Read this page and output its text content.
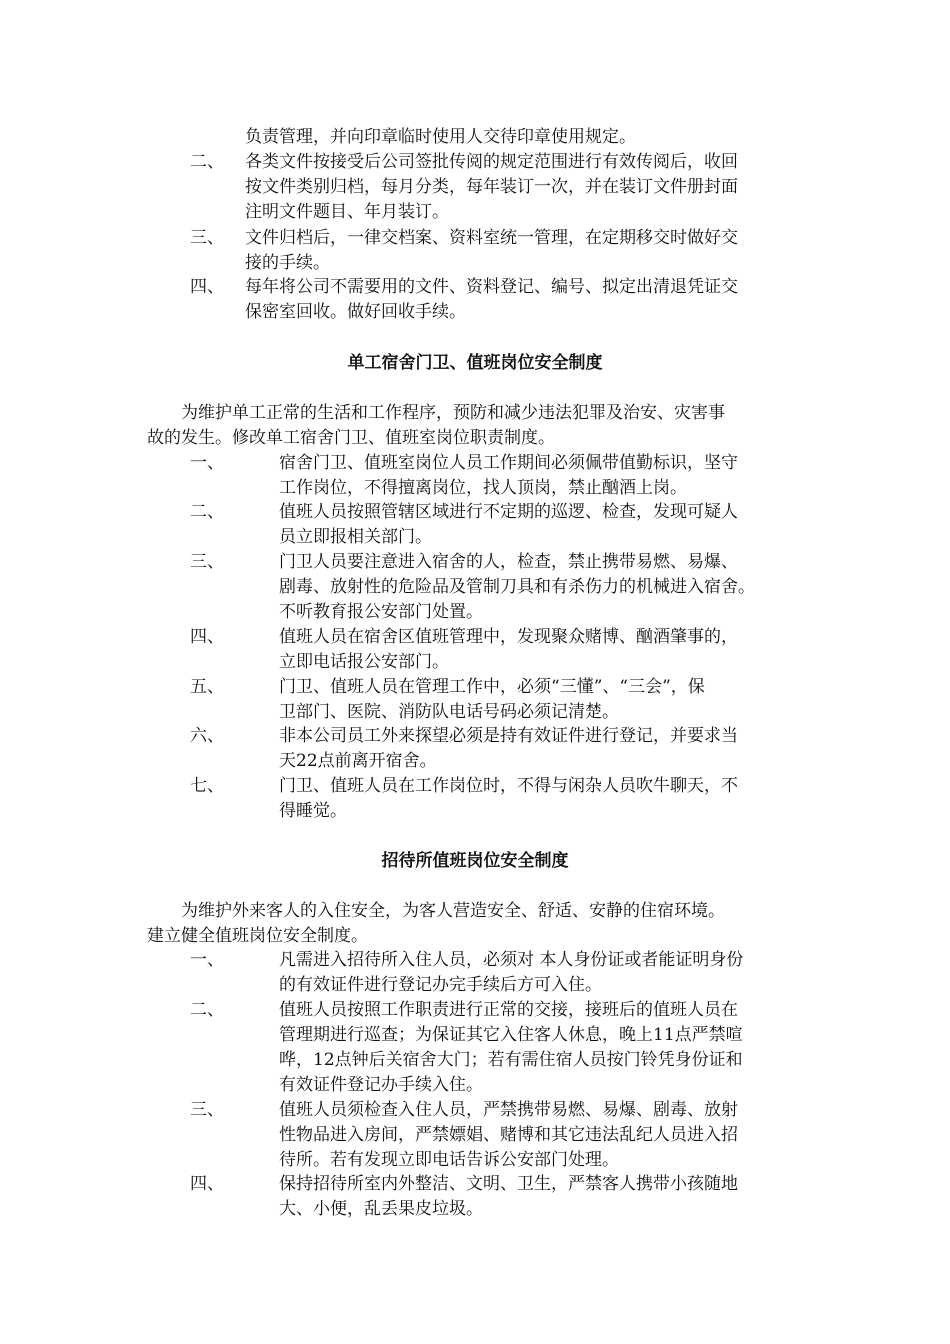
负责管理，并向印章临时使用人交待印章使用规定。
二、 各类文件按接受后公司签批传阅的规定范围进行有效传阅后，收回
按文件类别归档，每月分类，每年装订一次，并在装订文件册封面
注明文件题目、年月装订。
三、 文件归档后，一律交档案、资料室统一管理，在定期移交时做好交
接的手续。
四、 每年将公司不需要用的文件、资料登记、编号、拟定出清退凭证交
保密室回收。做好回收手续。
单工宿舍门卫、值班岗位安全制度
　　为维护单工正常的生活和工作程序，预防和减少违法犯罪及治安、灾害事
故的发生。修改单工宿舍门卫、值班室岗位职责制度。
一、	宿舍门卫、值班室岗位人员工作期间必须佩带值勤标识，坚守
工作岗位，不得擅离岗位，找人顶岗，禁止酗酒上岗。
二、	值班人员按照管辖区域进行不定期的巡逻、检查，发现可疑人
员立即报相关部门。
三、	门卫人员要注意进入宿舍的人，检查，禁止携带易燃、易爆、
剧毒、放射性的危险品及管制刀具和有杀伤力的机械进入宿舍。
不听教育报公安部门处置。
四、	值班人员在宿舍区值班管理中，发现聚众赌博、酗酒肇事的，
立即电话报公安部门。
五、	门卫、值班人员在管理工作中，必须“三懂”、“三会”，保
卫部门、医院、消防队电话号码必须记清楚。
六、	非本公司员工外来探望必须是持有效证件进行登记，并要求当
天22点前离开宿舍。
七、	门卫、值班人员在工作岗位时，不得与闲杂人员吹牛聊天，不
得睡觉。
招待所值班岗位安全制度
　　为维护外来客人的入住安全，为客人营造安全、舒适、安静的住宿环境。
建立健全值班岗位安全制度。
一、	凡需进入招待所入住人员，必须对 本人身份证或者能证明身份
的有效证件进行登记办完手续后方可入住。
二、	值班人员按照工作职责进行正常的交接，接班后的值班人员在
管理期进行巡查；为保证其它入住客人休息，晚上11点严禁喧
哗，12点钟后关宿舍大门；若有需住宿人员按门铃凭身份证和
有效证件登记办手续入住。
三、	值班人员须检查入住人员，严禁携带易燃、易爆、剧毒、放射
性物品进入房间，严禁嫖娼、赌博和其它违法乱纪人员进入招
待所。若有发现立即电话告诉公安部门处理。
四、	保持招待所室内外整洁、文明、卫生，严禁客人携带小孩随地
大、小便，乱丢果皮垃圾。
